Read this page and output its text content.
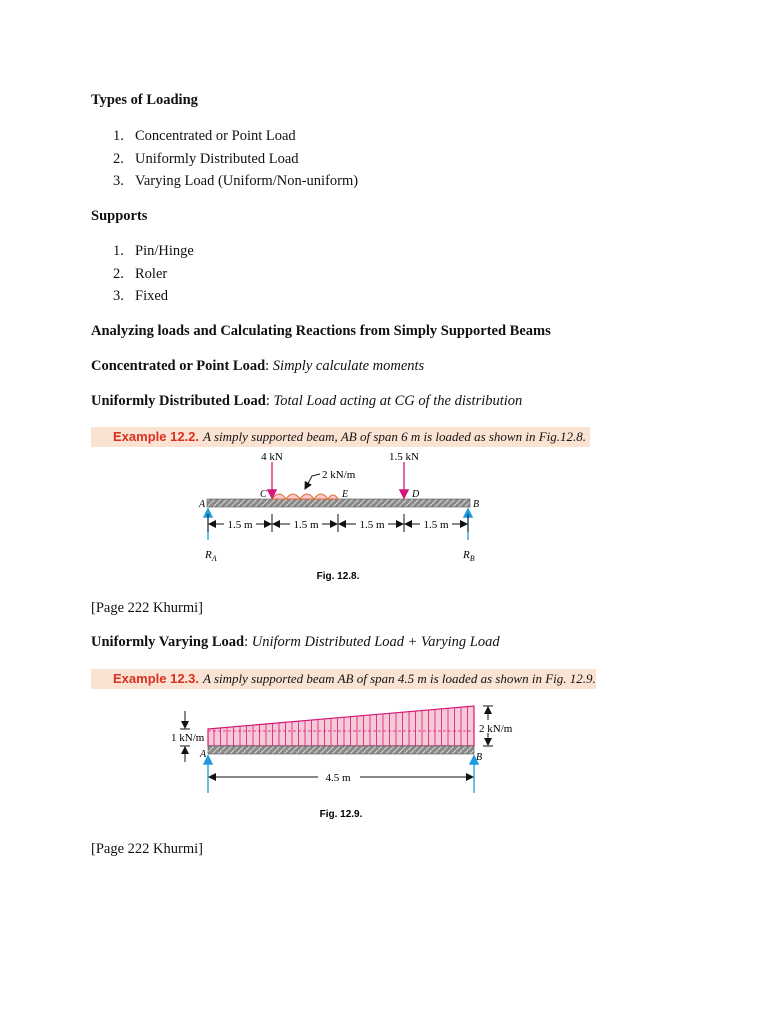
Types of Loading
1. Concentrated or Point Load
2. Uniformly Distributed Load
3. Varying Load (Uniform/Non-uniform)
Supports
1. Pin/Hinge
2. Roler
3. Fixed
Analyzing loads and Calculating Reactions from Simply Supported Beams
Concentrated or Point Load: Simply calculate moments
Uniformly Distributed Load: Total Load acting at CG of the distribution
Example 12.2. A simply supported beam, AB of span 6 m is loaded as shown in Fig.12.8.
4 kN	1.5 kN
2 kN/m
A	B
C	E	D
$R_A$	$R_B$
1.5 m	1.5 m	1.5 m	1.5 m
Fig. 12.8.
1 kN/m
2 kN/m
A	B
4.5 m
Fig. 12.9.
[Page 222 Khurmi]
Uniformly Varying Load: Uniform Distributed Load + Varying Load
Example 12.3. A simply supported beam AB of span 4.5 m is loaded as shown in Fig. 12.9.
[Page 222 Khurmi]
